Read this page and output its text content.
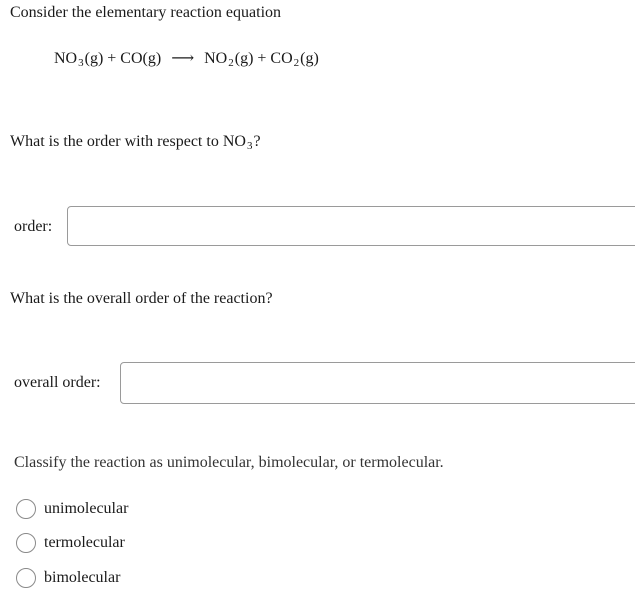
Consider the elementary reaction equation
$NO_3(g) + CO(g)$ ⟶ $NO_2(g) + CO_2(g)$
What is the order with respect to $NO_3$?
order:
What is the overall order of the reaction?
overall order:
Classify the reaction as unimolecular, bimolecular, or termolecular.
unimolecular
termolecular
bimolecular
